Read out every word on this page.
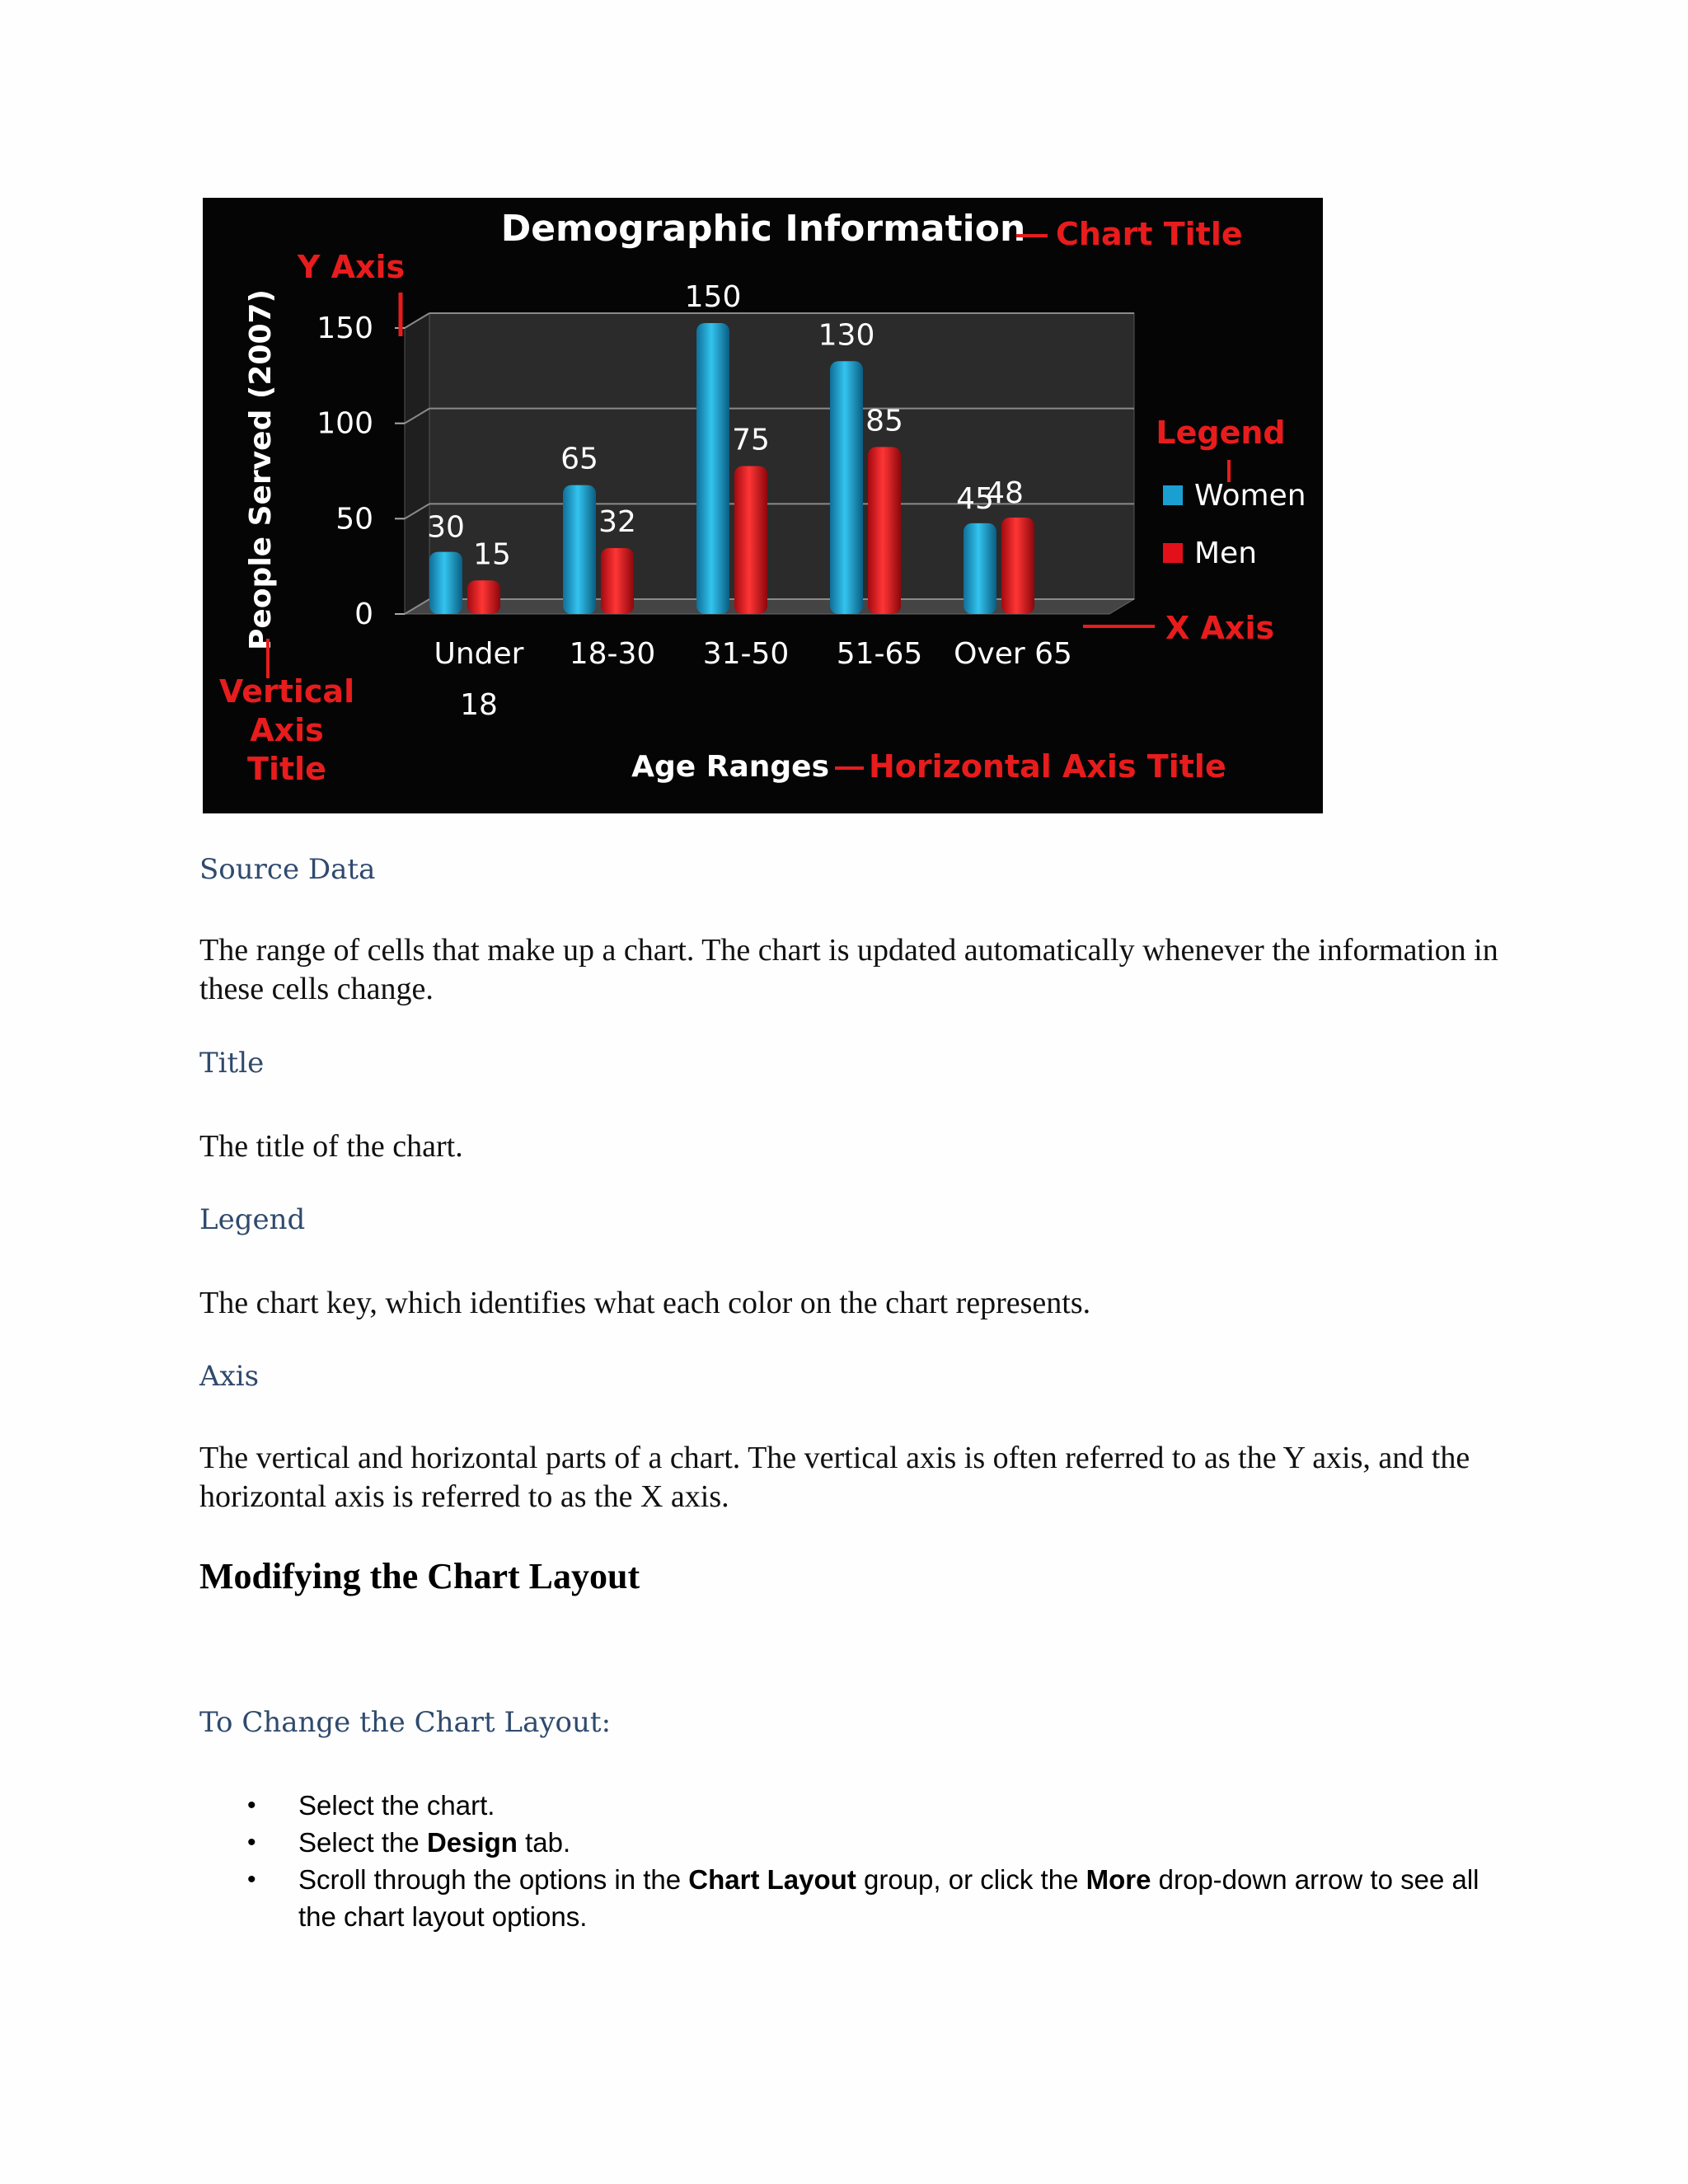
0
50
100
150
30
15
Under
18
65
32
18-30
150
75
31-50
130
85
51-65
45
48
Over 65
Demographic Information Chart Title
Y Axis
People Served (2007)
Vertical
Axis
Title
Legend
Women
Men
X Axis
Age Ranges Horizontal Axis Title
Source Data

The range of cells that make up a chart. The chart is updated automatically whenever the information in these cells change.

Title

The title of the chart.

Legend

The chart key, which identifies what each color on the chart represents.

Axis

The vertical and horizontal parts of a chart. The vertical axis is often referred to as the Y axis, and the horizontal axis is referred to as the X axis.

Modifying the Chart Layout
To Change the Chart Layout:
• Select the chart.
• Select the Design tab.
• Scroll through the options in the Chart Layout group, or click the More drop-down arrow to see all the chart layout options.
